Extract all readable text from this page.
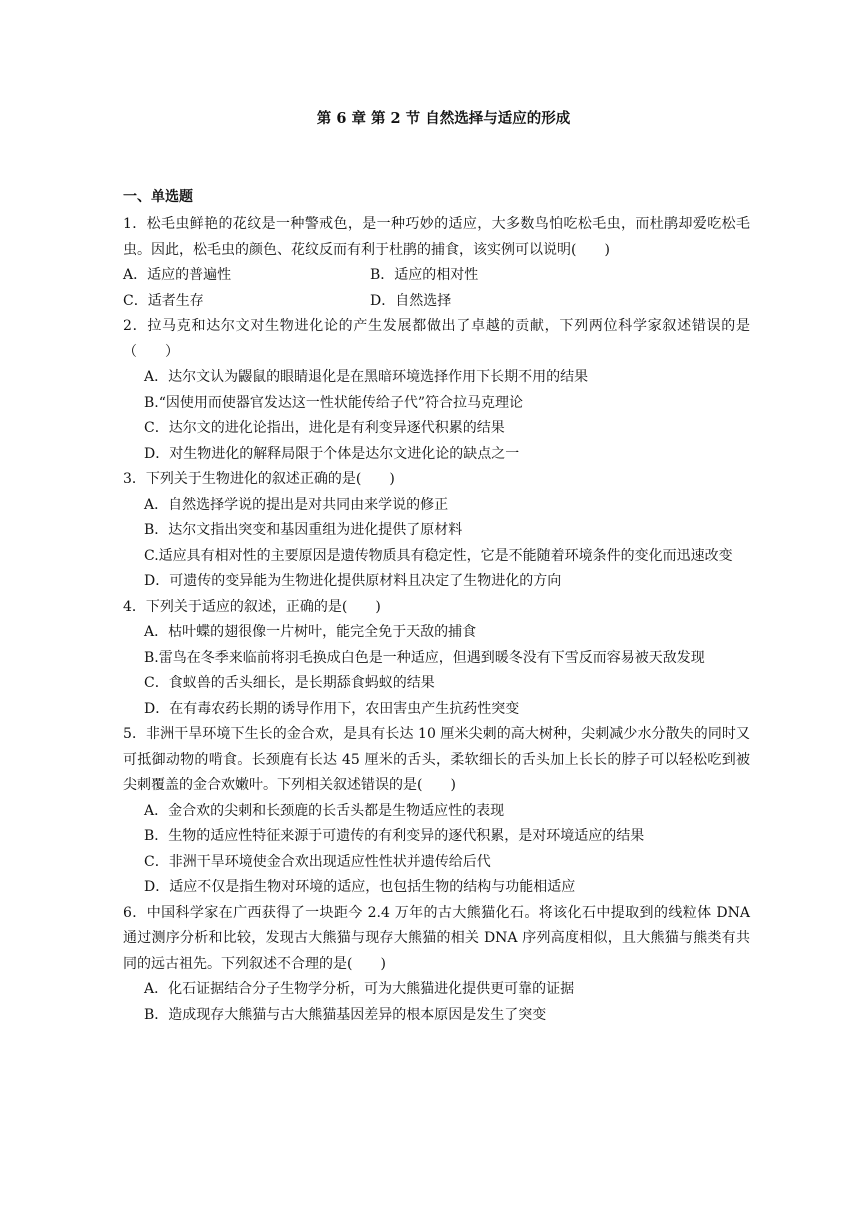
第 6 章 第 2 节 自然选择与适应的形成
一、单选题
1．松毛虫鲜艳的花纹是一种警戒色，是一种巧妙的适应，大多数鸟怕吃松毛虫，而杜鹃却爱吃松毛虫。因此，松毛虫的颜色、花纹反而有利于杜鹃的捕食，该实例可以说明(　　)
A．适应的普遍性	B．适应的相对性
C．适者生存	D．自然选择
2．拉马克和达尔文对生物进化论的产生发展都做出了卓越的贡献，下列两位科学家叙述错误的是（　　）
A．达尔文认为鼹鼠的眼睛退化是在黑暗环境选择作用下长期不用的结果
B.“因使用而使器官发达这一性状能传给子代”符合拉马克理论
C．达尔文的进化论指出，进化是有利变异逐代积累的结果
D．对生物进化的解释局限于个体是达尔文进化论的缺点之一
3．下列关于生物进化的叙述正确的是(　　)
A．自然选择学说的提出是对共同由来学说的修正
B．达尔文指出突变和基因重组为进化提供了原材料
C.适应具有相对性的主要原因是遗传物质具有稳定性，它是不能随着环境条件的变化而迅速改变
D．可遗传的变异能为生物进化提供原材料且决定了生物进化的方向
4．下列关于适应的叙述，正确的是(　　)
A．枯叶蝶的翅很像一片树叶，能完全免于天敌的捕食
B.雷鸟在冬季来临前将羽毛换成白色是一种适应，但遇到暖冬没有下雪反而容易被天敌发现
C．食蚁兽的舌头细长，是长期舔食蚂蚁的结果
D．在有毒农药长期的诱导作用下，农田害虫产生抗药性突变
5．非洲干旱环境下生长的金合欢，是具有长达 10 厘米尖刺的高大树种，尖刺减少水分散失的同时又可抵御动物的啃食。长颈鹿有长达 45 厘米的舌头，柔软细长的舌头加上长长的脖子可以轻松吃到被尖刺覆盖的金合欢嫩叶。下列相关叙述错误的是(　　)
A．金合欢的尖刺和长颈鹿的长舌头都是生物适应性的表现
B．生物的适应性特征来源于可遗传的有利变异的逐代积累，是对环境适应的结果
C．非洲干旱环境使金合欢出现适应性性状并遗传给后代
D．适应不仅是指生物对环境的适应，也包括生物的结构与功能相适应
6．中国科学家在广西获得了一块距今 2.4 万年的古大熊猫化石。将该化石中提取到的线粒体 DNA 通过测序分析和比较，发现古大熊猫与现存大熊猫的相关 DNA 序列高度相似，且大熊猫与熊类有共同的远古祖先。下列叙述不合理的是(　　)
A．化石证据结合分子生物学分析，可为大熊猫进化提供更可靠的证据
B．造成现存大熊猫与古大熊猫基因差异的根本原因是发生了突变
